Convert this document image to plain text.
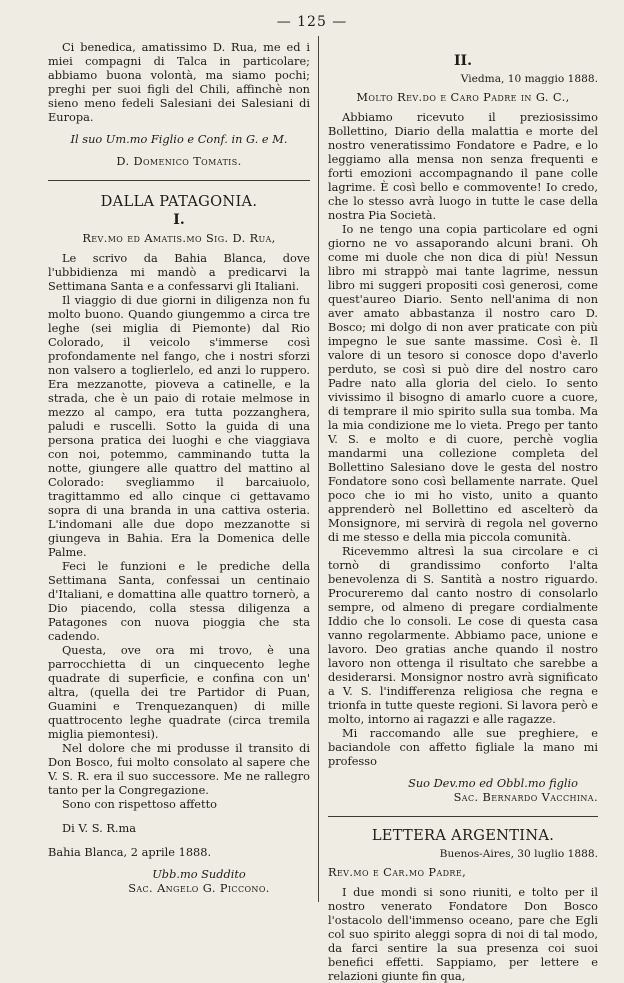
— 125 —

Ci benedica, amatissimo D. Rua, me ed i miei compagni di Talca in particolare; abbiamo buona volontà, ma siamo pochi; preghi per suoi figli del Chili, affinchè non sieno meno fedeli Salesiani dei Salesiani di Europa.

Il suo Um.mo Figlio e Conf. in G. e M.

D. Domenico Tomatis.

DALLA PATAGONIA.
I.

Rev.mo ed Amatis.mo Sig. D. Rua,

Le scrivo da Bahia Blanca, dove l'ubbidienza mi mandò a predicarvi la Settimana Santa e a confessarvi gli Italiani.

Il viaggio di due giorni in diligenza non fu molto buono. Quando giungemmo a circa tre leghe (sei miglia di Piemonte) dal Rio Colorado, il veicolo s'immerse così profondamente nel fango, che i nostri sforzi non valsero a toglierlelo, ed anzi lo ruppero. Era mezzanotte, pioveva a catinelle, e la strada, che è un paio di rotaie melmose in mezzo al campo, era tutta pozzanghera, paludi e ruscelli. Sotto la guida di una persona pratica dei luoghi e che viaggiava con noi, potemmo, camminando tutta la notte, giungere alle quattro del mattino al Colorado: svegliammo il barcaiuolo, tragittammo ed allo cinque ci gettavamo sopra di una branda in una cattiva osteria. L'indomani alle due dopo mezzanotte si giungeva in Bahia. Era la Domenica delle Palme.

Feci le funzioni e le prediche della Settimana Santa, confessai un centinaio d'Italiani, e domattina alle quattro tornerò, a Dio piacendo, colla stessa diligenza a Patagones con nuova pioggia che sta cadendo.

Questa, ove ora mi trovo, è una parrocchietta di un cinquecento leghe quadrate di superficie, e confina con un' altra, (quella dei tre Partidor di Puan, Guamini e Trenquezanquen) di mille quattrocento leghe quadrate (circa tremila miglia piemontesi).

Nel dolore che mi produsse il transito di Don Bosco, fui molto consolato al sapere che V. S. R. era il suo successore. Me ne rallegro tanto per la Congregazione.

Sono con rispettoso affetto

Di V. S. R.ma

Bahia Blanca, 2 aprile 1888.

Ubb.mo Suddito

Sac. Angelo G. Piccono.

II.
Viedma, 10 maggio 1888.
Molto Rev.do e Caro Padre in G. C.,

Abbiamo ricevuto il preziosissimo Bollettino, Diario della malattia e morte del nostro veneratissimo Fondatore e Padre, e lo leggiamo alla mensa non senza frequenti e forti emozioni accompagnando il pane colle lagrime. È così bello e commovente! Io credo, che lo stesso avrà luogo in tutte le case della nostra Pia Società.

Io ne tengo una copia particolare ed ogni giorno ne vo assaporando alcuni brani. Oh come mi duole che non dica di più! Nessun libro mi strappò mai tante lagrime, nessun libro mi suggeri propositi così generosi, come quest'aureo Diario. Sento nell'anima di non aver amato abbastanza il nostro caro D. Bosco; mi dolgo di non aver praticate con più impegno le sue sante massime. Così è. Il valore di un tesoro si conosce dopo d'averlo perduto, se così si può dire del nostro caro Padre nato alla gloria del cielo. Io sento vivissimo il bisogno di amarlo cuore a cuore, di temprare il mio spirito sulla sua tomba. Ma la mia condizione me lo vieta. Prego per tanto V. S. e molto e di cuore, perchè voglia mandarmi una collezione completa del Bollettino Salesiano dove le gesta del nostro Fondatore sono così bellamente narrate. Quel poco che io mi ho visto, unito a quanto apprenderò nel Bollettino ed ascelterò da Monsignore, mi servirà di regola nel governo di me stesso e della mia piccola comunità.

Ricevemmo altresì la sua circolare e ci tornò di grandissimo conforto l'alta benevolenza di S. Santità a nostro riguardo. Procureremo dal canto nostro di consolarlo sempre, od almeno di pregare cordialmente Iddio che lo consoli. Le cose di questa casa vanno regolarmente. Abbiamo pace, unione e lavoro. Deo gratias anche quando il nostro lavoro non ottenga il risultato che sarebbe a desiderarsi. Monsignor nostro avrà significato a V. S. l'indifferenza religiosa che regna e trionfa in tutte queste regioni. Si lavora però e molto, intorno ai ragazzi e alle ragazze.

Mi raccomando alle sue preghiere, e baciandole con affetto figliale la mano mi professo

Suo Dev.mo ed Obbl.mo figlio

Sac. Bernardo Vacchina.

LETTERA ARGENTINA.
Buenos-Aires, 30 luglio 1888.
Rev.mo e Car.mo Padre,

I due mondi si sono riuniti, e tolto per il nostro venerato Fondatore Don Bosco l'ostacolo dell'immenso oceano, pare che Egli col suo spirito aleggi sopra di noi di tal modo, da farci sentire la sua presenza coi suoi benefici effetti. Sappiamo, per lettere e relazioni giunte fin qua,
